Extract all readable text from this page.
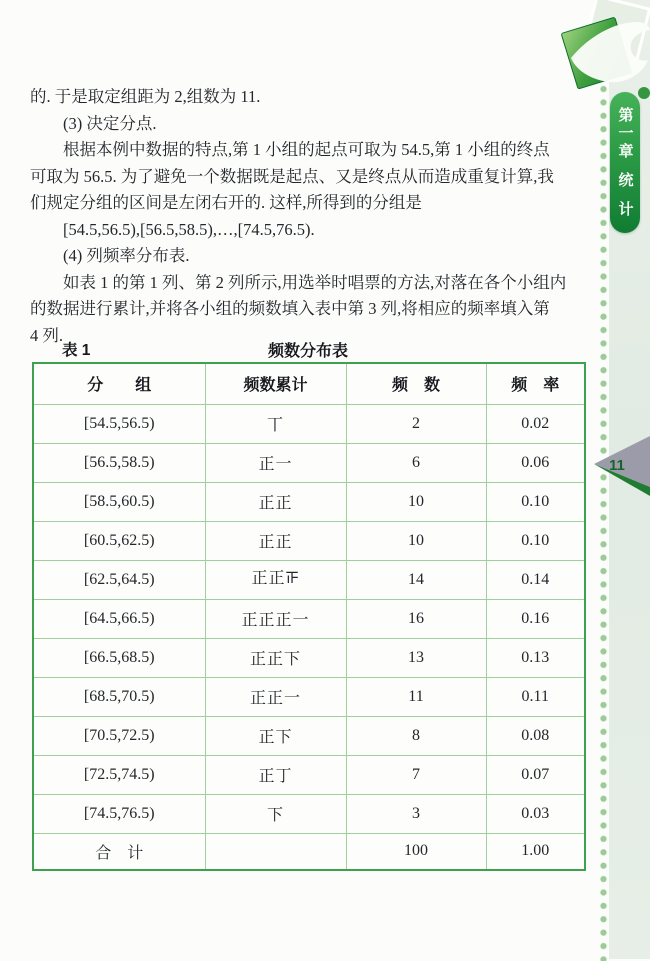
第一章
统
计
11
的. 于是取定组距为 2,组数为 11.
(3) 决定分点.
根据本例中数据的特点,第 1 小组的起点可取为 54.5,第 1 小组的终点
可取为 56.5. 为了避免一个数据既是起点、又是终点从而造成重复计算,我
们规定分组的区间是左闭右开的. 这样,所得到的分组是
[54.5,56.5),[56.5,58.5),…,[74.5,76.5).
(4) 列频率分布表.
如表 1 的第 1 列、第 2 列所示,用选举时唱票的方法,对落在各个小组内
的数据进行累计,并将各小组的频数填入表中第 3 列,将相应的频率填入第
4 列.
表 1	频数分布表
分　　组	频数累计	频　数	频　率
[54.5,56.5)	丅	2	0.02
[56.5,58.5)	正一	6	0.06
[58.5,60.5)	正正	10	0.10
[60.5,62.5)	正正	10	0.10
[62.5,64.5)	正正𝍵	14	0.14
[64.5,66.5)	正正正一	16	0.16
[66.5,68.5)	正正下	13	0.13
[68.5,70.5)	正正一	11	0.11
[70.5,72.5)	正下	8	0.08
[72.5,74.5)	正丁	7	0.07
[74.5,76.5)	下	3	0.03
合　计		100	1.00
